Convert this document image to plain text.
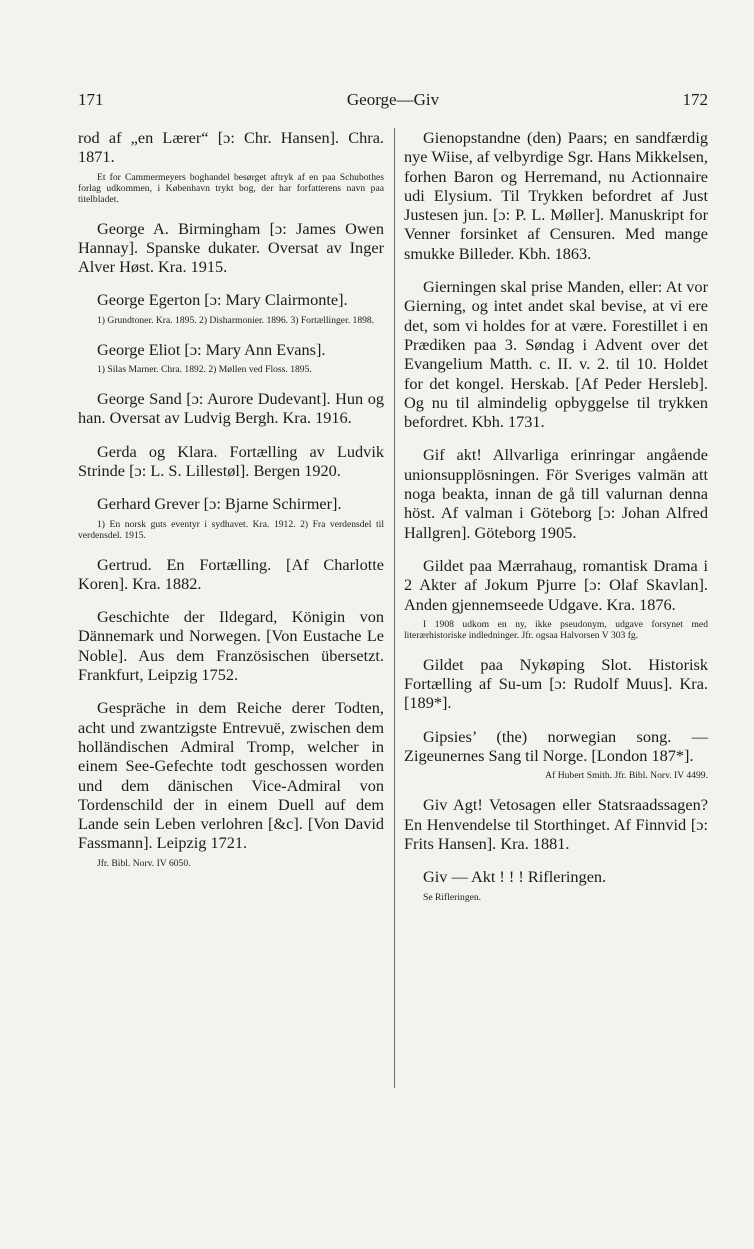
171	George—Giv	172

rod af „en Lærer“ [ɔ: Chr. Hansen]. Chra. 1871.

Et for Cammermeyers boghandel besørget aftryk af en paa Schubothes forlag udkommen, i København trykt bog, der har forfatterens navn paa titelbladet.

George A. Birmingham [ɔ: James Owen Hannay]. Spanske dukater. Oversat av Inger Alver Høst. Kra. 1915.

George Egerton [ɔ: Mary Clairmonte].

1) Grundtoner. Kra. 1895. 2) Disharmonier. 1896. 3) Fortællinger. 1898.

George Eliot [ɔ: Mary Ann Evans].

1) Silas Marner. Chra. 1892. 2) Møllen ved Floss. 1895.

George Sand [ɔ: Aurore Dudevant]. Hun og han. Oversat av Ludvig Bergh. Kra. 1916.

Gerda og Klara. Fortælling av Ludvik Strinde [ɔ: L. S. Lillestøl]. Bergen 1920.

Gerhard Grever [ɔ: Bjarne Schirmer].

1) En norsk guts eventyr i sydhavet. Kra. 1912. 2) Fra verdensdel til verdensdel. 1915.

Gertrud. En Fortælling. [Af Charlotte Koren]. Kra. 1882.

Geschichte der Ildegard, Königin von Dännemark und Norwegen. [Von Eustache Le Noble]. Aus dem Französischen übersetzt. Frankfurt, Leipzig 1752.

Gespräche in dem Reiche derer Todten, acht und zwantzigste Entrevuë, zwischen dem holländischen Admiral Tromp, welcher in einem See-Gefechte todt geschossen worden und dem dänischen Vice-Admiral von Tordenschild der in einem Duell auf dem Lande sein Leben verlohren [&c]. [Von David Fassmann]. Leipzig 1721.

Jfr. Bibl. Norv. IV 6050.

Gienopstandne (den) Paars; en sandfærdig nye Wiise, af velbyrdige Sgr. Hans Mikkelsen, forhen Baron og Herremand, nu Actionnaire udi Elysium. Til Trykken befordret af Just Justesen jun. [ɔ: P. L. Møller]. Manuskript for Venner forsinket af Censuren. Med mange smukke Billeder. Kbh. 1863.

Gierningen skal prise Manden, eller: At vor Gierning, og intet andet skal bevise, at vi ere det, som vi holdes for at være. Forestillet i en Prædiken paa 3. Søndag i Advent over det Evangelium Matth. c. II. v. 2. til 10. Holdet for det kongel. Herskab. [Af Peder Hersleb]. Og nu til almindelig opbyggelse til trykken befordret. Kbh. 1731.

Gif akt! Allvarliga erinringar angående unionsupplösningen. För Sveriges valmän att noga beakta, innan de gå till valurnan denna höst. Af valman i Göteborg [ɔ: Johan Alfred Hallgren]. Göteborg 1905.

Gildet paa Mærrahaug, romantisk Drama i 2 Akter af Jokum Pjurre [ɔ: Olaf Skavlan]. Anden gjennemseede Udgave. Kra. 1876.

I 1908 udkom en ny, ikke pseudonym, udgave forsynet med literærhistoriske indledninger. Jfr. ogsaa Halvorsen V 303 fg.

Gildet paa Nykøping Slot. Historisk Fortælling af Su-um [ɔ: Rudolf Muus]. Kra. [189*].

Gipsies’ (the) norwegian song. — Zigeunernes Sang til Norge. [London 187*].

Af Hubert Smith. Jfr. Bibl. Norv. IV 4499.

Giv Agt! Vetosagen eller Statsraadssagen? En Henvendelse til Storthinget. Af Finnvid [ɔ: Frits Hansen]. Kra. 1881.

Giv — Akt ! ! ! Rifleringen.

Se Rifleringen.
